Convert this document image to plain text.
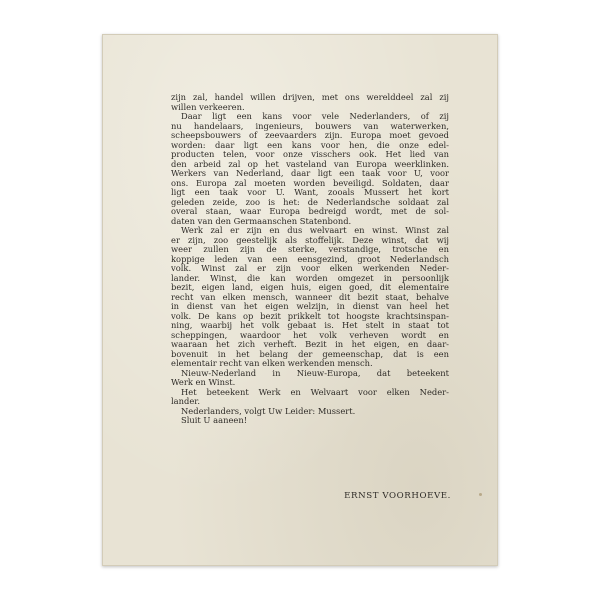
zijn zal, handel willen drijven, met ons werelddeel zal zij
willen verkeeren.
Daar ligt een kans voor vele Nederlanders, of zij
nu handelaars, ingenieurs, bouwers van waterwerken,
scheepsbouwers of zeevaarders zijn. Europa moet gevoed
worden: daar ligt een kans voor hen, die onze edel-
producten telen, voor onze visschers ook. Het lied van
den arbeid zal op het vasteland van Europa weerklinken.
Werkers van Nederland, daar ligt een taak voor U, voor
ons. Europa zal moeten worden beveiligd. Soldaten, daar
ligt een taak voor U. Want, zooals Mussert het kort
geleden zeide, zoo is het: de Nederlandsche soldaat zal
overal staan, waar Europa bedreigd wordt, met de sol-
daten van den Germaanschen Statenbond.
Werk zal er zijn en dus welvaart en winst. Winst zal
er zijn, zoo geestelijk als stoffelijk. Deze winst, dat wij
weer zullen zijn de sterke, verstandige, trotsche en
koppige leden van een eensgezind, groot Nederlandsch
volk. Winst zal er zijn voor elken werkenden Neder-
lander. Winst, die kan worden omgezet in persoonlijk
bezit, eigen land, eigen huis, eigen goed, dit elementaire
recht van elken mensch, wanneer dit bezit staat, behalve
in dienst van het eigen welzijn, in dienst van heel het
volk. De kans op bezit prikkelt tot hoogste krachtsinspan-
ning, waarbij het volk gebaat is. Het stelt in staat tot
scheppingen, waardoor het volk verheven wordt en
waaraan het zich verheft. Bezit in het eigen, en daar-
bovenuit in het belang der gemeenschap, dat is een
elementair recht van elken werkenden mensch.
Nieuw-Nederland in Nieuw-Europa, dat beteekent
Werk en Winst.
Het beteekent Werk en Welvaart voor elken Neder-
lander.
Nederlanders, volgt Uw Leider: Mussert.
Sluit U aaneen!
ERNST VOORHOEVE.
